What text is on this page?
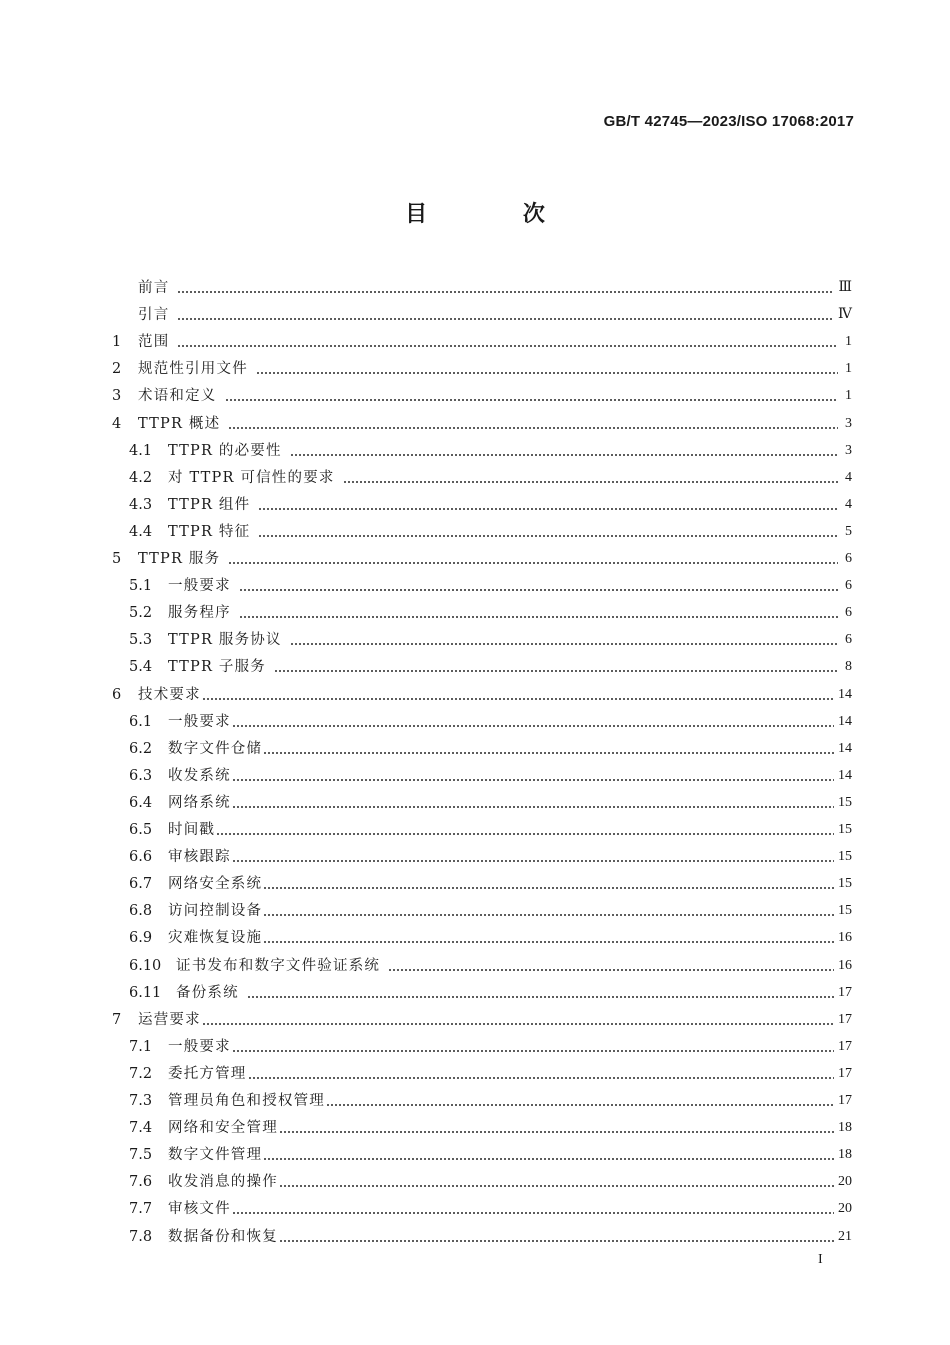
GB/T 42745—2023/ISO 17068:2017
目 次
前言	Ⅲ
引言	Ⅳ
1	范围	1
2	规范性引用文件	1
3	术语和定义	1
4	TTPR 概述	3
4.1	TTPR 的必要性	3
4.2	对 TTPR 可信性的要求	4
4.3	TTPR 组件	4
4.4	TTPR 特征	5
5	TTPR 服务	6
5.1	一般要求	6
5.2	服务程序	6
5.3	TTPR 服务协议	6
5.4	TTPR 子服务	8
6	技术要求	14
6.1	一般要求	14
6.2	数字文件仓储	14
6.3	收发系统	14
6.4	网络系统	15
6.5	时间戳	15
6.6	审核跟踪	15
6.7	网络安全系统	15
6.8	访问控制设备	15
6.9	灾难恢复设施	16
6.10	证书发布和数字文件验证系统	16
6.11	备份系统	17
7	运营要求	17
7.1	一般要求	17
7.2	委托方管理	17
7.3	管理员角色和授权管理	17
7.4	网络和安全管理	18
7.5	数字文件管理	18
7.6	收发消息的操作	20
7.7	审核文件	20
7.8	数据备份和恢复	21
I
